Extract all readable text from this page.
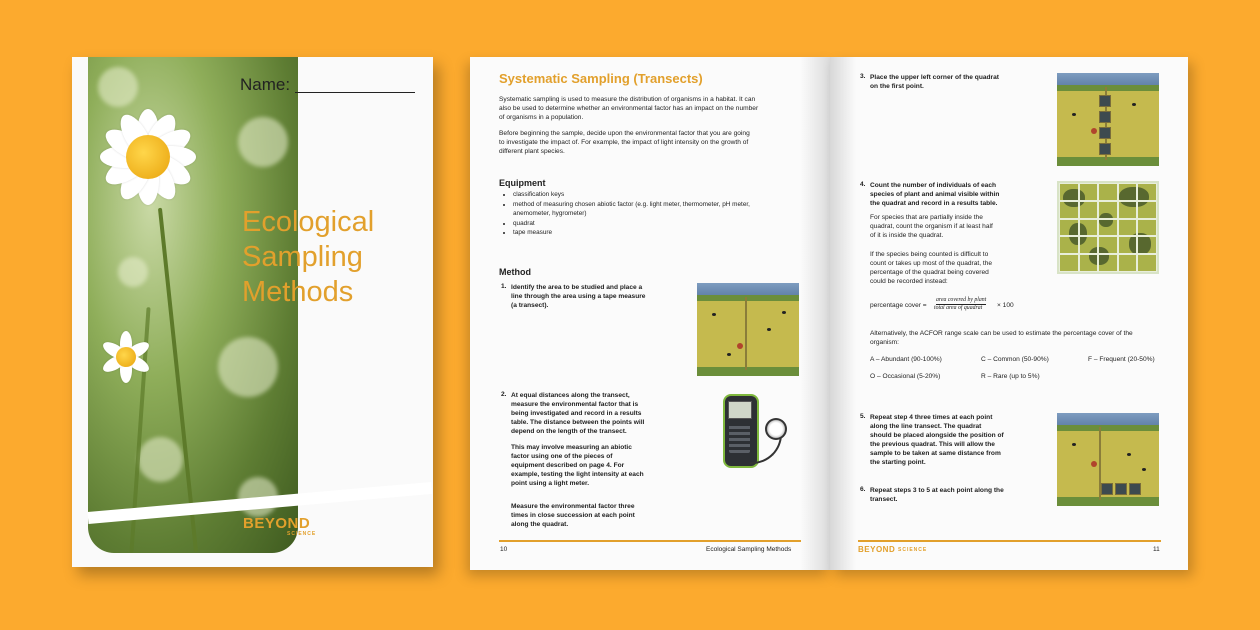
Name:
Ecological
Sampling
Methods
BEYOND
SCIENCE
Systematic Sampling (Transects)
Systematic sampling is used to measure the distribution of organisms in a habitat. It can
also be used to determine whether an environmental factor has an impact on the number
of organisms in a population.
Before beginning the sample, decide upon the environmental factor that you are going
to investigate the impact of. For example, the impact of light intensity on the growth of
different plant species.
Equipment
• classification keys
• method of measuring chosen abiotic factor (e.g. light meter, thermometer, pH meter,
anemometer, hygrometer)
• quadrat
• tape measure
Method
1. Identify the area to be studied and place a
line through the area using a tape measure
(a transect).
2. At equal distances along the transect,
measure the environmental factor that is
being investigated and record in a results
table. The distance between the points will
depend on the length of the transect.
This may involve measuring an abiotic
factor using one of the pieces of
equipment described on page 4. For
example, testing the light intensity at each
point using a light meter.
Measure the environmental factor three
times in close succession at each point
along the quadrat.
10	Ecological Sampling Methods
3. Place the upper left corner of the quadrat
on the first point.
4. Count the number of individuals of each
species of plant and animal visible within
the quadrat and record in a results table.
For species that are partially inside the
quadrat, count the organism if at least half
of it is inside the quadrat.
If the species being counted is difficult to
count or takes up most of the quadrat, the
percentage of the quadrat being covered
could be recorded instead:
percentage cover =
area covered by plant
total area of quadrat × 100
Alternatively, the ACFOR range scale can be used to estimate the percentage cover of the
organism:
A – Abundant (90-100%)	C – Common (50-90%)	F – Frequent (20-50%)
O – Occasional (5-20%)	R – Rare (up to 5%)
5. Repeat step 4 three times at each point
along the line transect. The quadrat
should be placed alongside the position of
the previous quadrat. This will allow the
sample to be taken at same distance from
the starting point.
6. Repeat steps 3 to 5 at each point along the
transect.
BEYOND SCIENCE	11
